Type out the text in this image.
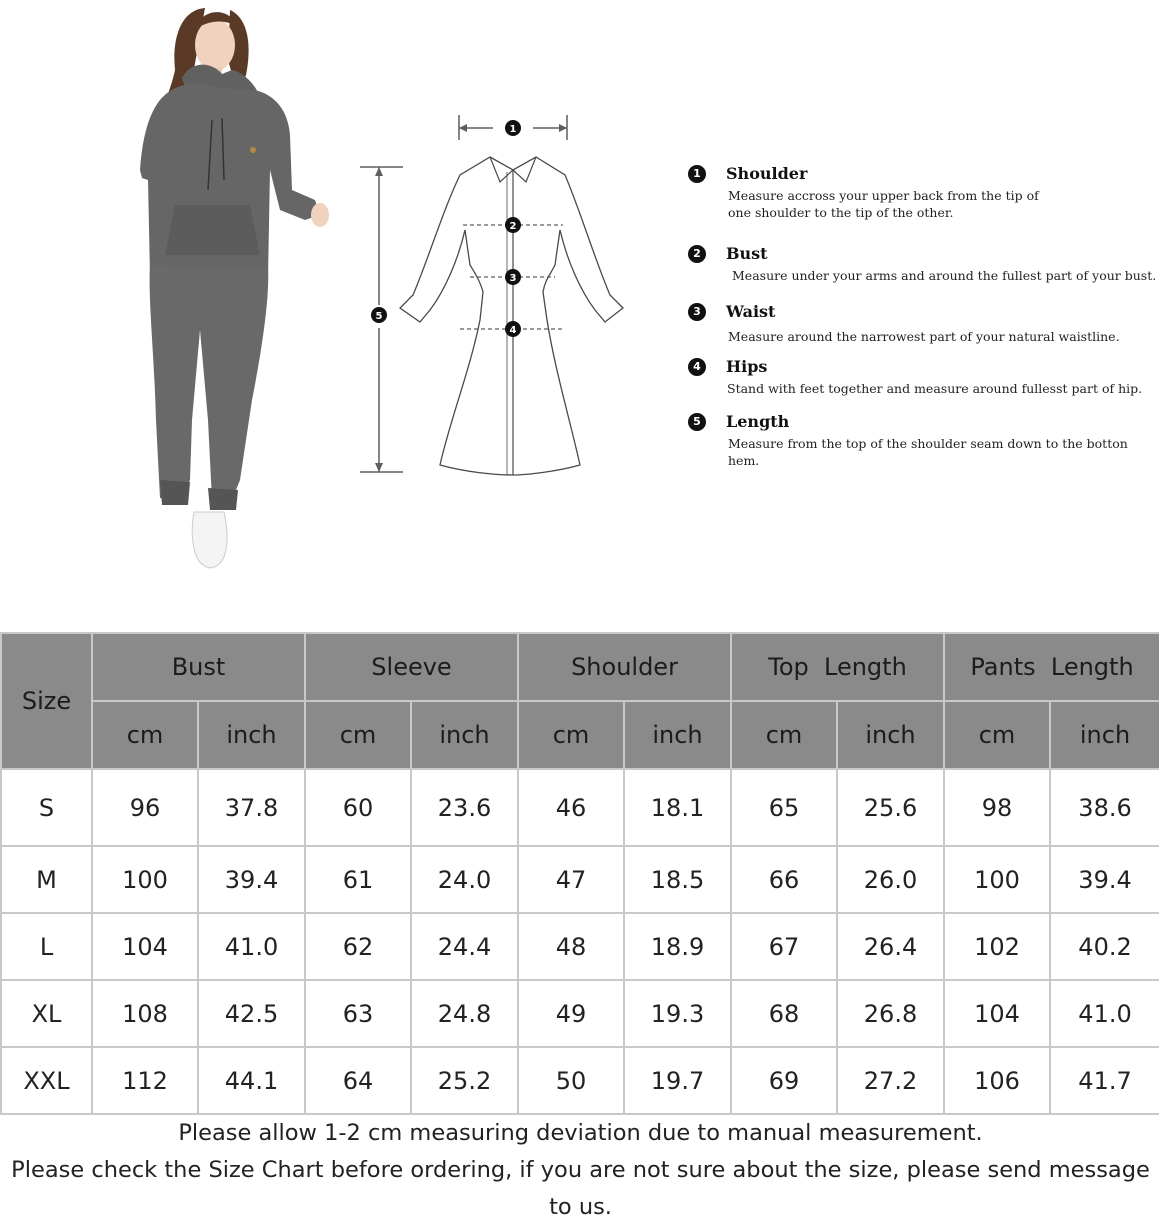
1
2
3
4
5
1	Shoulder
Measure accross your upper back from the tip of one shoulder to the tip of the other.
2	Bust
Measure under your arms and around the fullest part of your bust.
3	Waist
Measure around the narrowest part of your natural waistline.
4	Hips
Stand with feet together and measure around fullesst part of hip.
5	Length
Measure from the top of the shoulder seam down to the botton hem.
Size	Bust		Sleeve		Shoulder		Top  Length		Pants  Length	
	cm	inch	cm	inch	cm	inch	cm	inch	cm	inch
S	96	37.8	60	23.6	46	18.1	65	25.6	98	38.6
M	100	39.4	61	24.0	47	18.5	66	26.0	100	39.4
L	104	41.0	62	24.4	48	18.9	67	26.4	102	40.2
XL	108	42.5	63	24.8	49	19.3	68	26.8	104	41.0
XXL	112	44.1	64	25.2	50	19.7	69	27.2	106	41.7

Please allow 1-2 cm measuring deviation due to manual measurement.
Please check the Size Chart before ordering, if you are not sure about the size, please send message to us.										
